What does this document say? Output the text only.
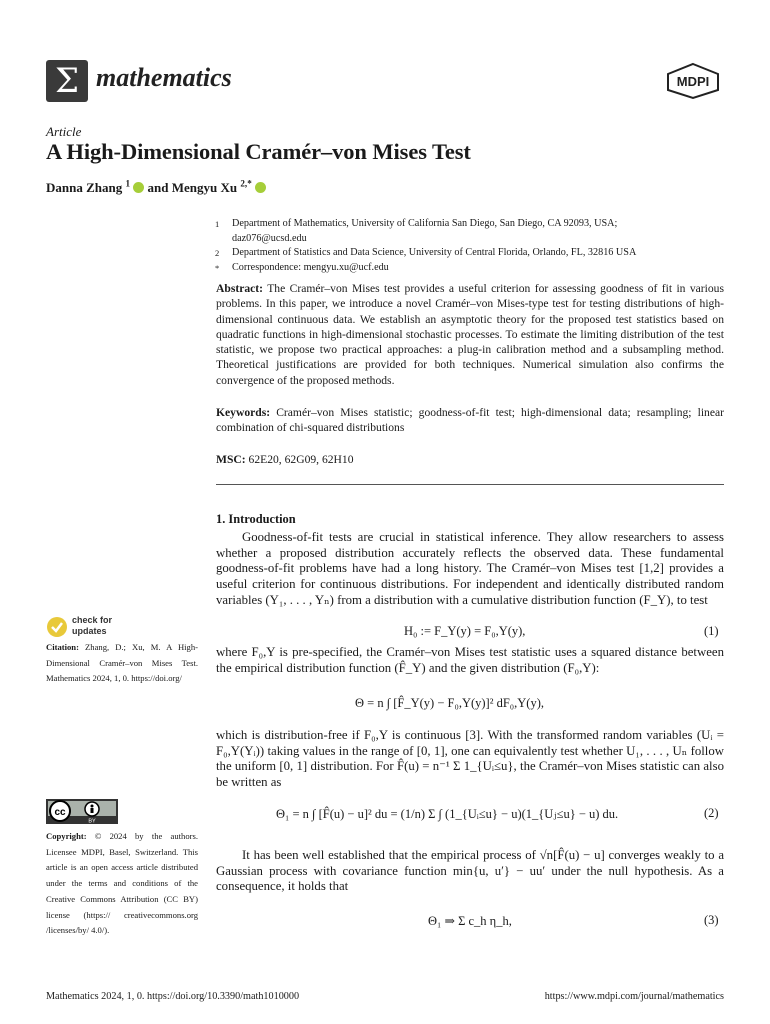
Σ mathematics	MDPI
Article
A High-Dimensional Cramér–von Mises Test
Danna Zhang $^1$ and Mengyu Xu $^{2,*}$
1	Department of Mathematics, University of California San Diego, San Diego, CA 92093, USA;
daz076@ucsd.edu
2	Department of Statistics and Data Science, University of Central Florida, Orlando, FL, 32816 USA
*	Correspondence: mengyu.xu@ucf.edu
Abstract: The Cramér–von Mises test provides a useful criterion for assessing goodness of fit in various problems. In this paper, we introduce a novel Cramér–von Mises-type test for testing distributions of high-dimensional continuous data. We establish an asymptotic theory for the proposed test statistics based on quadratic functions in high-dimensional stochastic processes. To estimate the limiting distribution of the test statistic, we propose two practical approaches: a plug-in calibration method and a subsampling method. Theoretical justifications are provided for both techniques. Numerical simulation also confirms the convergence of the proposed methods.
Keywords: Cramér–von Mises statistic; goodness-of-fit test; high-dimensional data; resampling; linear combination of chi-squared distributions
MSC: 62E20, 62G09, 62H10
1. Introduction
Goodness-of-fit tests are crucial in statistical inference. They allow researchers to assess whether a proposed distribution accurately reflects the observed data. These fundamental goodness-of-fit problems have had a long history. The Cramér–von Mises test [1,2] provides a useful criterion for continuous distributions. For independent and identically distributed random variables (Y₁, . . . , Yₙ) from a distribution with a cumulative distribution function (F_Y), to test
H₀ := F_Y(y) = F₀,Y(y),	(1)
where F₀,Y is pre-specified, the Cramér–von Mises test statistic uses a squared distance between the empirical distribution function (F̂_Y) and the given distribution (F₀,Y):
Θ = n ∫ [F̂_Y(y) − F₀,Y(y)]² dF₀,Y(y),
which is distribution-free if F₀,Y is continuous [3]. With the transformed random variables (Uᵢ = F₀,Y(Yᵢ)) taking values in the range of [0, 1], one can equivalently test whether U₁, . . . , Uₙ follow the uniform [0, 1] distribution. For F̂(u) = n⁻¹ Σ 1_{Uᵢ≤u}, the Cramér–von Mises statistic can also be written as
Θ₁ = n ∫ [F̂(u) − u]² du = (1/n) Σ ∫ (1_{Uᵢ≤u} − u)(1_{Uⱼ≤u} − u) du.	(2)
It has been well established that the empirical process of √n[F̂(u) − u] converges weakly to a Gaussian process with covariance function min{u, u′} − uu′ under the null hypothesis. As a consequence, it holds that
Θ₁ ⇒ Σ c_h η_h,	(3)
check for
updates
Citation: Zhang, D.; Xu, M. A High-Dimensional Cramér–von Mises Test. Mathematics 2024, 1, 0. https://doi.org/
cc
BY
Copyright: © 2024 by the authors. Licensee MDPI, Basel, Switzerland. This article is an open access article distributed under the terms and conditions of the Creative Commons Attribution (CC BY) license (https:// creativecommons.org /licenses/by/ 4.0/).
Mathematics 2024, 1, 0. https://doi.org/10.3390/math1010000	https://www.mdpi.com/journal/mathematics
